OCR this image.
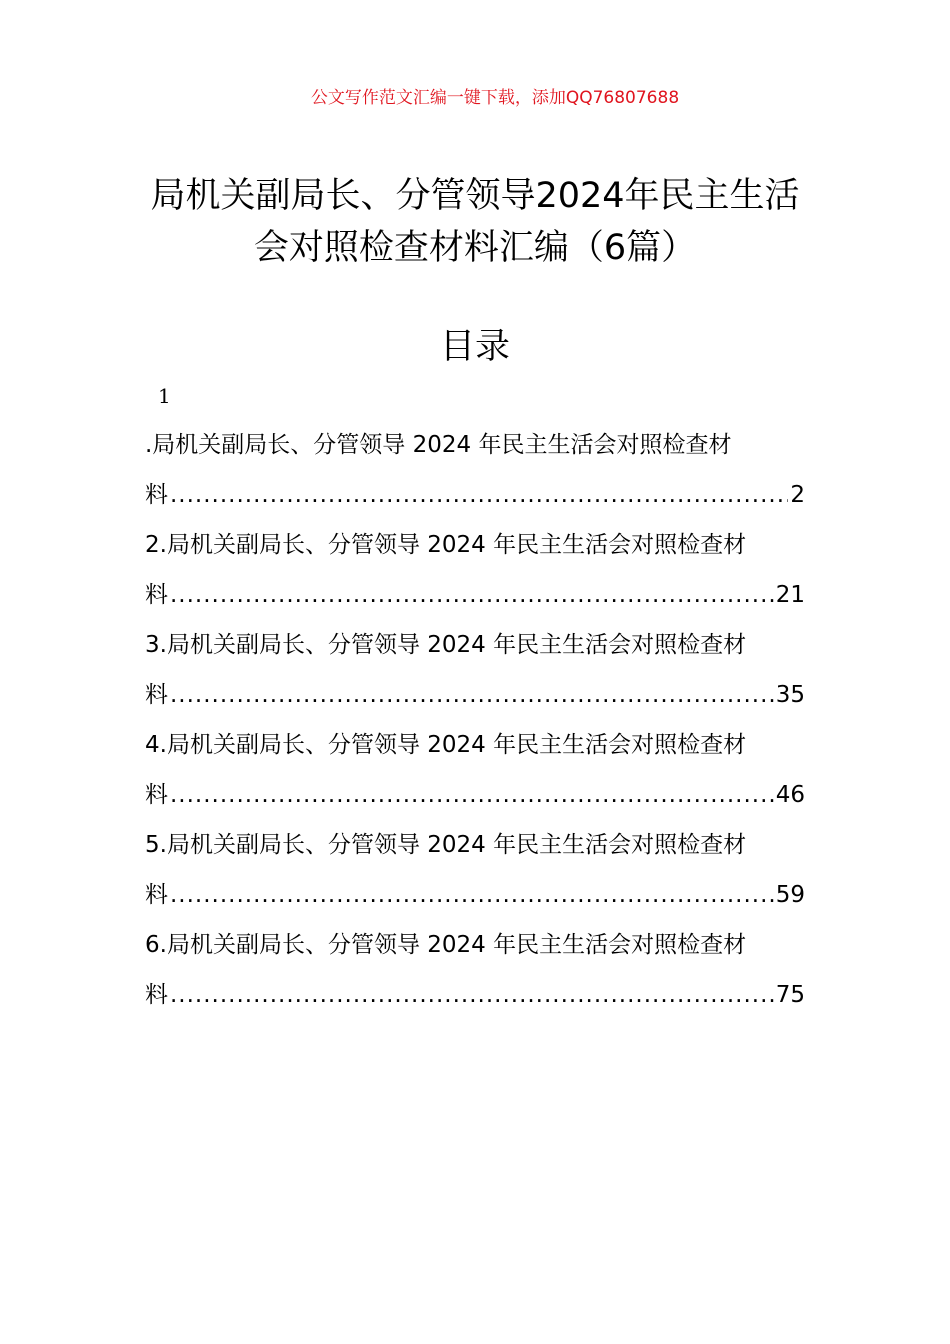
公文写作范文汇编一键下载，添加QQ76807688
局机关副局长、分管领导2024年民主生活
会对照检查材料汇编（6篇）
目录
1
.局机关副局长、分管领导 2024 年民主生活会对照检查材
料 .....	2
2.局机关副局长、分管领导 2024 年民主生活会对照检查材
料 .....	21
3.局机关副局长、分管领导 2024 年民主生活会对照检查材
料 .....	35
4.局机关副局长、分管领导 2024 年民主生活会对照检查材
料 .....	46
5.局机关副局长、分管领导 2024 年民主生活会对照检查材
料 .....	59
6.局机关副局长、分管领导 2024 年民主生活会对照检查材
料 .....	75
